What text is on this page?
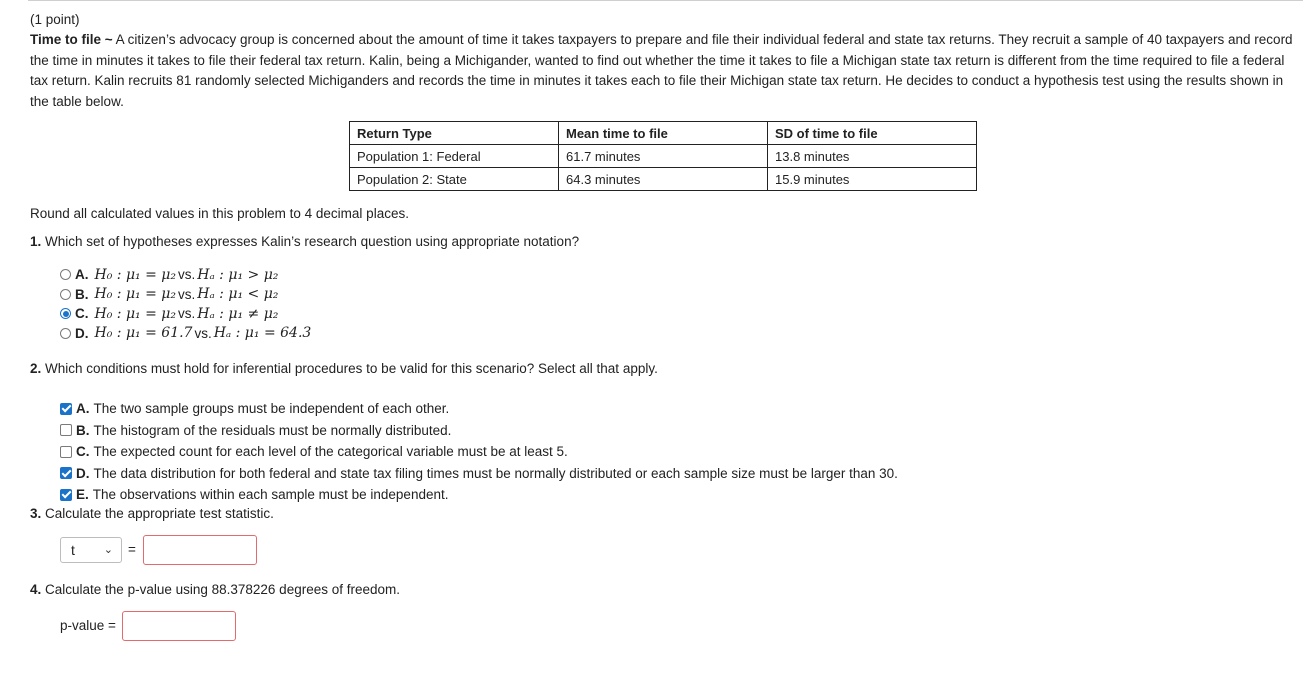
(1 point)
Time to file ~ A citizen’s advocacy group is concerned about the amount of time it takes taxpayers to prepare and file their individual federal and state tax returns. They recruit a sample of 40 taxpayers and record the time in minutes it takes to file their federal tax return. Kalin, being a Michigander, wanted to find out whether the time it takes to file a Michigan state tax return is different from the time required to file a federal tax return. Kalin recruits 81 randomly selected Michiganders and records the time in minutes it takes each to file their Michigan state tax return. He decides to conduct a hypothesis test using the results shown in the table below.
Return Type	Mean time to file	SD of time to file
Population 1: Federal	61.7 minutes	13.8 minutes
Population 2: State	64.3 minutes	15.9 minutes
Round all calculated values in this problem to 4 decimal places.
1. Which set of hypotheses expresses Kalin’s research question using appropriate notation?
A. H₀ : μ₁ = μ₂ vs. Hₐ : μ₁ > μ₂
B. H₀ : μ₁ = μ₂ vs. Hₐ : μ₁ < μ₂
C. H₀ : μ₁ = μ₂ vs. Hₐ : μ₁ ≠ μ₂
D. H₀ : μ₁ = 61.7 vs. Hₐ : μ₁ = 64.3
2. Which conditions must hold for inferential procedures to be valid for this scenario? Select all that apply.
A. The two sample groups must be independent of each other.
B. The histogram of the residuals must be normally distributed.
C. The expected count for each level of the categorical variable must be at least 5.
D. The data distribution for both federal and state tax filing times must be normally distributed or each sample size must be larger than 30.
E. The observations within each sample must be independent.
3. Calculate the appropriate test statistic.
t	⌄ =
4. Calculate the p-value using 88.378226 degrees of freedom.
p-value =
